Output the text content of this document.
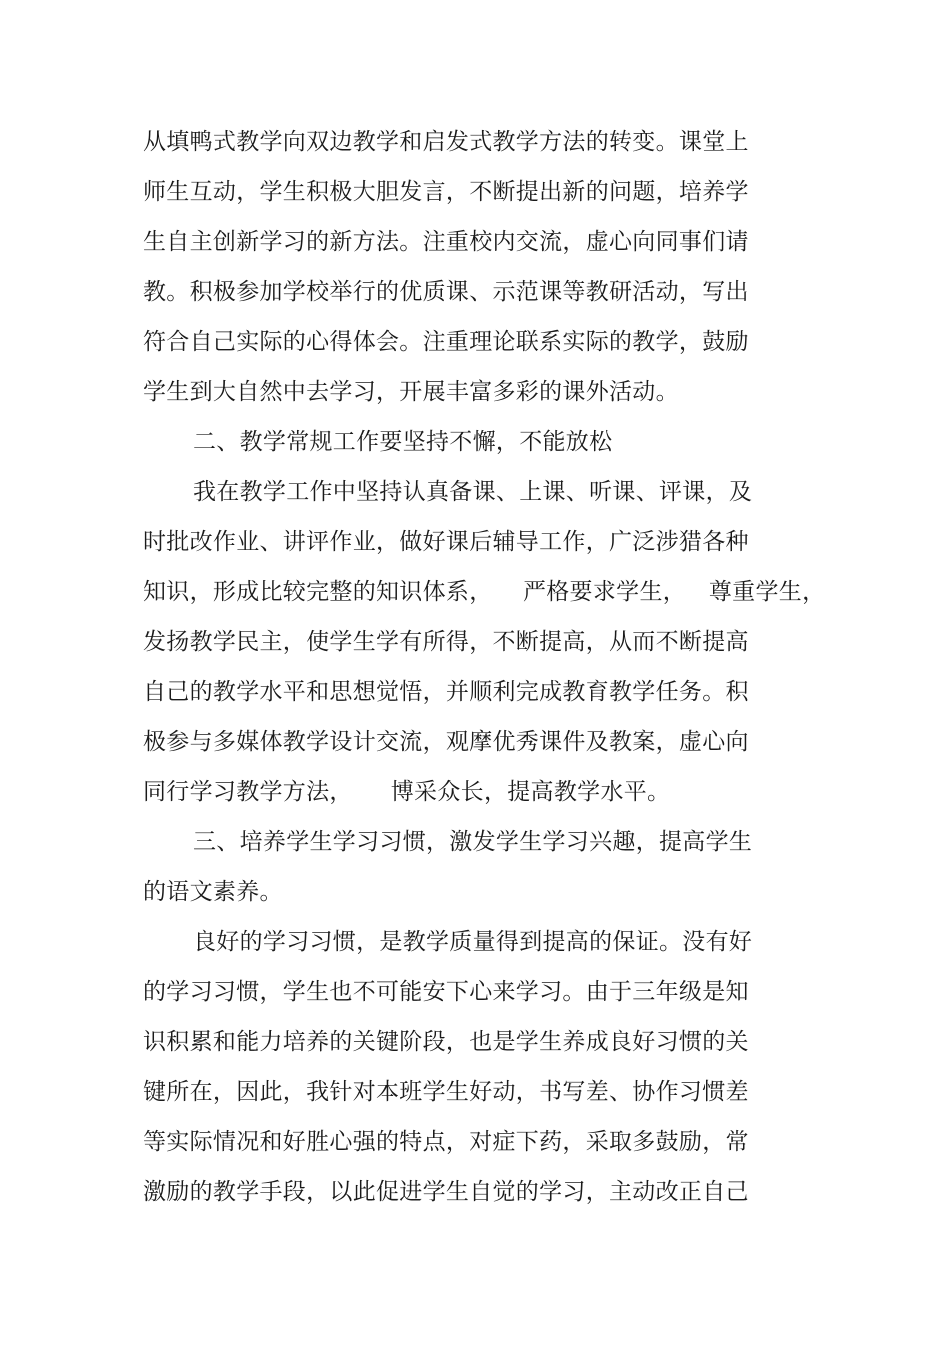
从填鸭式教学向双边教学和启发式教学方法的转变。课堂上

师生互动，学生积极大胆发言，不断提出新的问题，培养学

生自主创新学习的新方法。注重校内交流，虚心向同事们请

教。积极参加学校举行的优质课、示范课等教研活动，写出

符合自己实际的心得体会。注重理论联系实际的教学，鼓励

学生到大自然中去学习，开展丰富多彩的课外活动。

二、教学常规工作要坚持不懈，不能放松

我在教学工作中坚持认真备课、上课、听课、评课，及

时批改作业、讲评作业，做好课后辅导工作，广泛涉猎各种

知识，形成比较完整的知识体系，    严格要求学生，   尊重学生，

发扬教学民主，使学生学有所得，不断提高，从而不断提高

自己的教学水平和思想觉悟，并顺利完成教育教学任务。积

极参与多媒体教学设计交流，观摩优秀课件及教案，虚心向

同行学习教学方法，     博采众长，提高教学水平。

三、培养学生学习习惯，激发学生学习兴趣，提高学生

的语文素养。

良好的学习习惯，是教学质量得到提高的保证。没有好

的学习习惯，学生也不可能安下心来学习。由于三年级是知

识积累和能力培养的关键阶段，也是学生养成良好习惯的关

键所在，因此，我针对本班学生好动，书写差、协作习惯差

等实际情况和好胜心强的特点，对症下药，采取多鼓励，常

激励的教学手段，以此促进学生自觉的学习，主动改正自己
